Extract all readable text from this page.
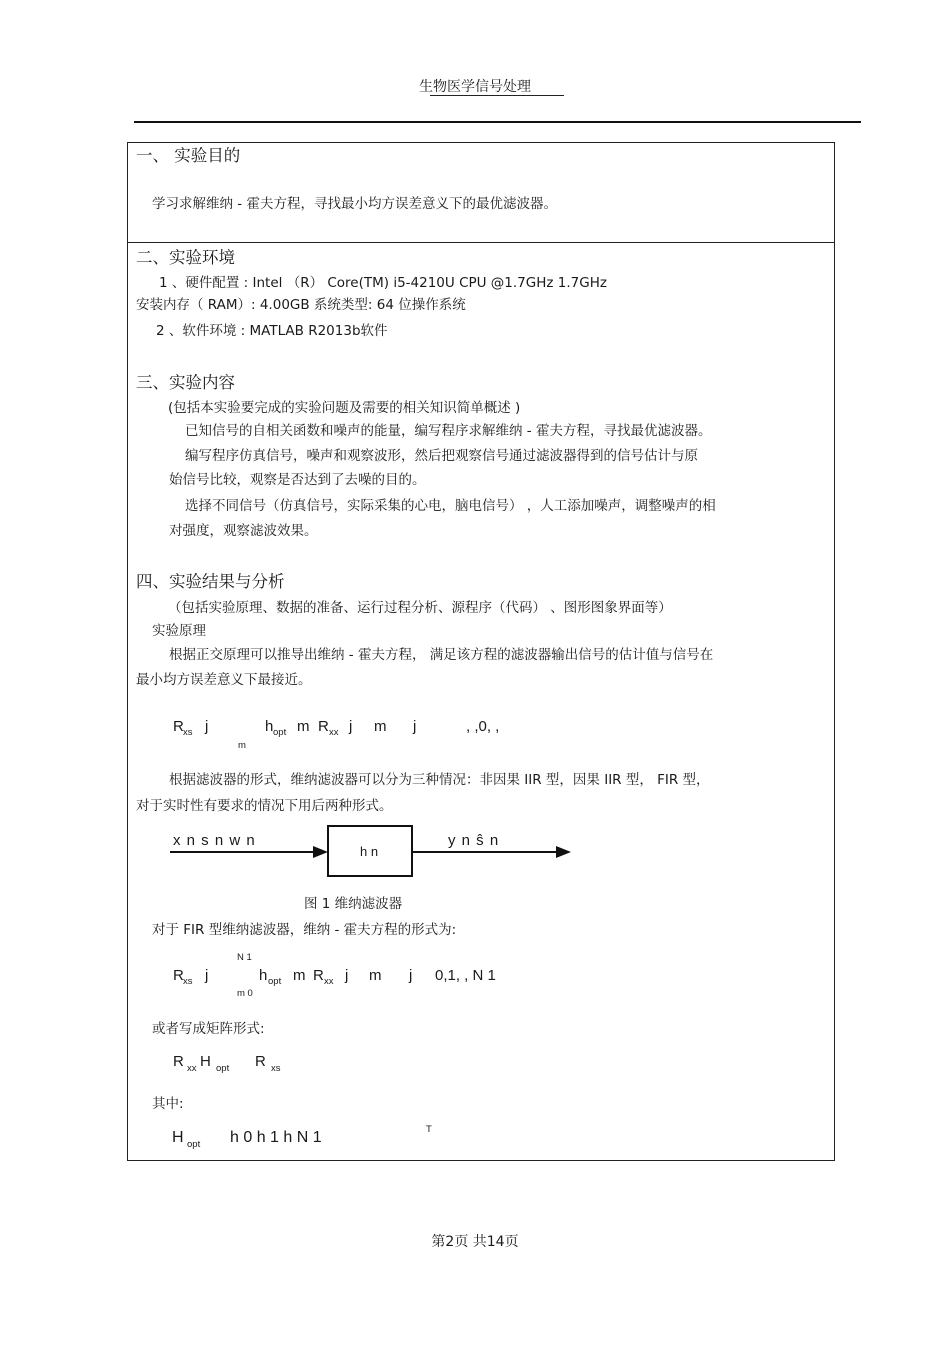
生物医学信号处理
一、 实验目的
学习求解维纳 - 霍夫方程，寻找最小均方误差意义下的最优滤波器。
二、实验环境
1 、硬件配置 : Intel （R） Core(TM) i5-4210U CPU @1.7GHz 1.7GHz
安装内存（ RAM）: 4.00GB 系统类型: 64 位操作系统
2 、软件环境 : MATLAB R2013b软件
三、实验内容
(包括本实验要完成的实验问题及需要的相关知识简单概述 )
已知信号的自相关函数和噪声的能量，编写程序求解维纳 - 霍夫方程，寻找最优滤波器。
编写程序仿真信号，噪声和观察波形，然后把观察信号通过滤波器得到的信号估计与原
始信号比较，观察是否达到了去噪的目的。
选择不同信号（仿真信号，实际采集的心电，脑电信号） ，人工添加噪声，调整噪声的相
对强度，观察滤波效果。
四、实验结果与分析
（包括实验原理、数据的准备、运行过程分析、源程序（代码） 、图形图象界面等）
实验原理
根据正交原理可以推导出维纳 - 霍夫方程， 满足该方程的滤波器输出信号的估计值与信号在
最小均方误差意义下最接近。
R xs j
m
h opt m R xx j m j	, ,0, ,
根据滤波器的形式，维纳滤波器可以分为三种情况：非因果 IIR 型，因果 IIR 型， FIR 型，
对于实时性有要求的情况下用后两种形式。
x n s n w n
h n
y n ŝ n
图 1 维纳滤波器
对于 FIR 型维纳滤波器，维纳 - 霍夫方程的形式为:
N 1
R xs j
m 0
h opt m R xx j m j 0,1, , N 1
或者写成矩阵形式:
R xx H opt R xs
其中:
H opt h 0 h 1 h N 1	T
第2页 共14页
